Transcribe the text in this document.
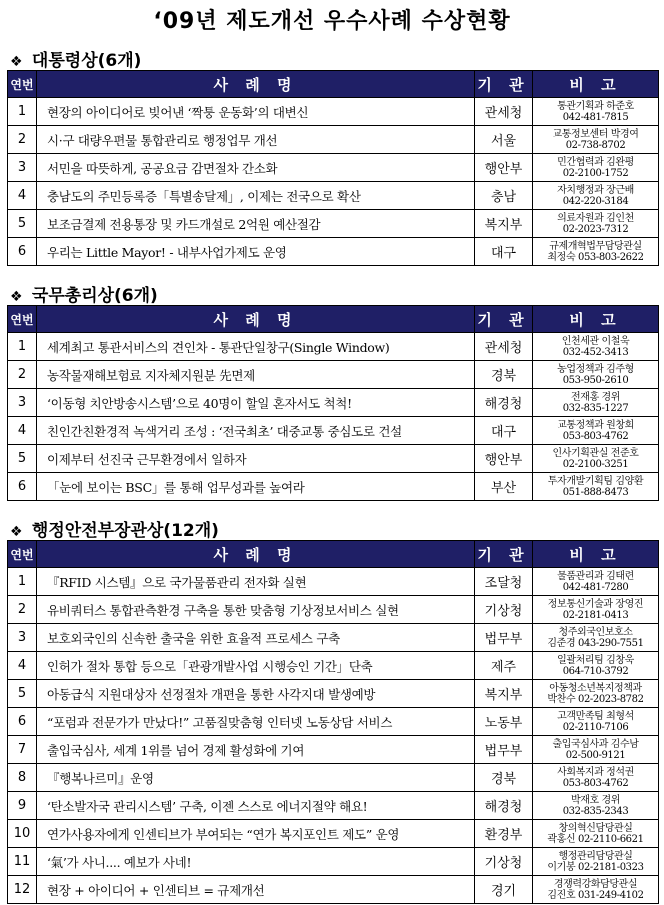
‘09년 제도개선 우수사례 수상현황
❖ 대통령상(6개)
연번	사 례 명	기 관	비 고
1	현장의 아이디어로 빚어낸 ‘짝퉁 운동화’의 대변신	관세청	통관기획과 하준호
042-481-7815

2	시·구 대량우편물 통합관리로 행정업무 개선	서울	교통정보센터 박경여
02-738-8702

3	서민을 따뜻하게, 공공요금 감면절차 간소화	행안부	민간협력과 김완평
02-2100-1752

4	충남도의 주민등록증「특별송달제」, 이제는 전국으로 확산	충남	자치행정과 장근배
042-220-3184

5	보조금결제 전용통장 및 카드개설로 2억원 예산절감	복지부	의료자원과 김인천
02-2023-7312

6	우리는 Little Mayor! - 내부사업가제도 운영	대구	규제개혁법무담당관실
최정숙 053-803-2622
❖ 국무총리상(6개)
연번	사 례 명	기 관	비 고
1	세계최고 통관서비스의 견인차 - 통관단일창구(Single Window)	관세청	인천세관 이철욱
032-452-3413

2	농작물재해보험료 지자체지원분 先면제	경북	농업정책과 김주형
053-950-2610

3	‘이동형 치안방송시스템’으로 40명이 할일 혼자서도 척척!	해경청	전재홍 경위
032-835-1227

4	친인간친환경적 녹색거리 조성 : ‘전국최초’ 대중교통 중심도로 건설	대구	교통정책과 원창희
053-803-4762

5	이제부터 선진국 근무환경에서 일하자	행안부	인사기획관실 전준호
02-2100-3251

6	「눈에 보이는 BSC」를 통해 업무성과를 높여라	부산	투자개발기획팀 김양환
051-888-8473
❖ 행정안전부장관상(12개)
연번	사 례 명	기 관	비 고
1	『RFID 시스템』으로 국가물품관리 전자화 실현	조달청	물품관리과 김태련
042-481-7280

2	유비쿼터스 통합관측환경 구축을 통한 맞춤형 기상정보서비스 실현	기상청	정보통신기술과 장영진
02-2181-0413

3	보호외국인의 신속한 출국을 위한 효율적 프로세스 구축	법무부	청주외국인보호소
김준경 043-290-7551

4	인허가 절차 통합 등으로「관광개발사업 시행승인 기간」단축	제주	일괄처리팀 김창욱
064-710-3792

5	아동급식 지원대상자 선정절차 개편을 통한 사각지대 발생예방	복지부	아동청소년복지정책과
박찬수 02-2023-8782

6	“포럼과 전문가가 만났다!” 고품질맞춤형 인터넷 노동상담 서비스	노동부	고객만족팀 최형석
02-2110-7106

7	출입국심사, 세계 1위를 넘어 경제 활성화에 기여	법무부	출입국심사과 김수남
02-500-9121

8	『행복나르미』운영	경북	사회복지과 정석권
053-803-4762

9	‘탄소발자국 관리시스템’ 구축, 이젠 스스로 에너지절약 해요!	해경청	박재호 경위
032-835-2343

10	연가사용자에게 인센티브가 부여되는 “연가 복지포인트 제도” 운영	환경부	창의혁신담당관실
곽홍신 02-2110-6621

11	‘氣’가 사니.... 예보가 사네!	기상청	행정관리담당관실
이기봉 02-2181-0323

12	현장 + 아이디어 + 인센티브 = 규제개선	경기	경쟁력강화담당관실
김진호 031-249-4102
